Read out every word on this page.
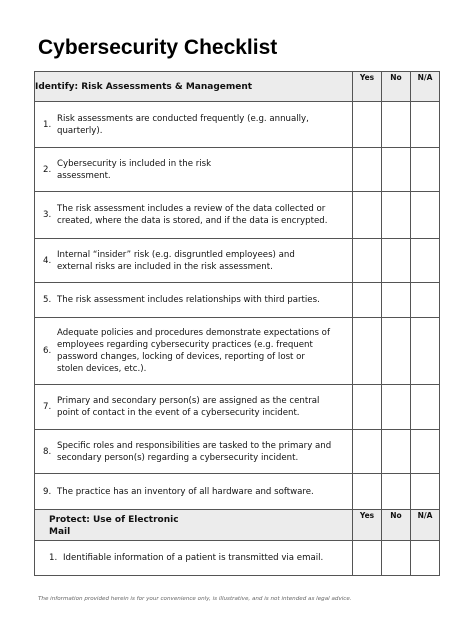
Cybersecurity Checklist
Identify: Risk Assessments & Management	Yes	No	N/A

1.
Risk assessments are conducted frequently (e.g. annually,
quarterly).			

2.
Cybersecurity is included in the risk
assessment.			

3.
The risk assessment includes a review of the data collected or
created, where the data is stored, and if the data is encrypted.			

4.
Internal “insider” risk (e.g. disgruntled employees) and
external risks are included in the risk assessment.			

5. The risk assessment includes relationships with third parties.			

6.
Adequate policies and procedures demonstrate expectations of
employees regarding cybersecurity practices (e.g. frequent
password changes, locking of devices, reporting of lost or
stolen devices, etc.).			

7.
Primary and secondary person(s) are assigned as the central
point of contact in the event of a cybersecurity incident.			

8.
Specific roles and responsibilities are tasked to the primary and
secondary person(s) regarding a cybersecurity incident.			

9. The practice has an inventory of all hardware and software.			

Protect: Use of Electronic
Mail	Yes	No	N/A

1. Identifiable information of a patient is transmitted via email.			

The information provided herein is for your convenience only, is illustrative, and is not intended as legal advice.
